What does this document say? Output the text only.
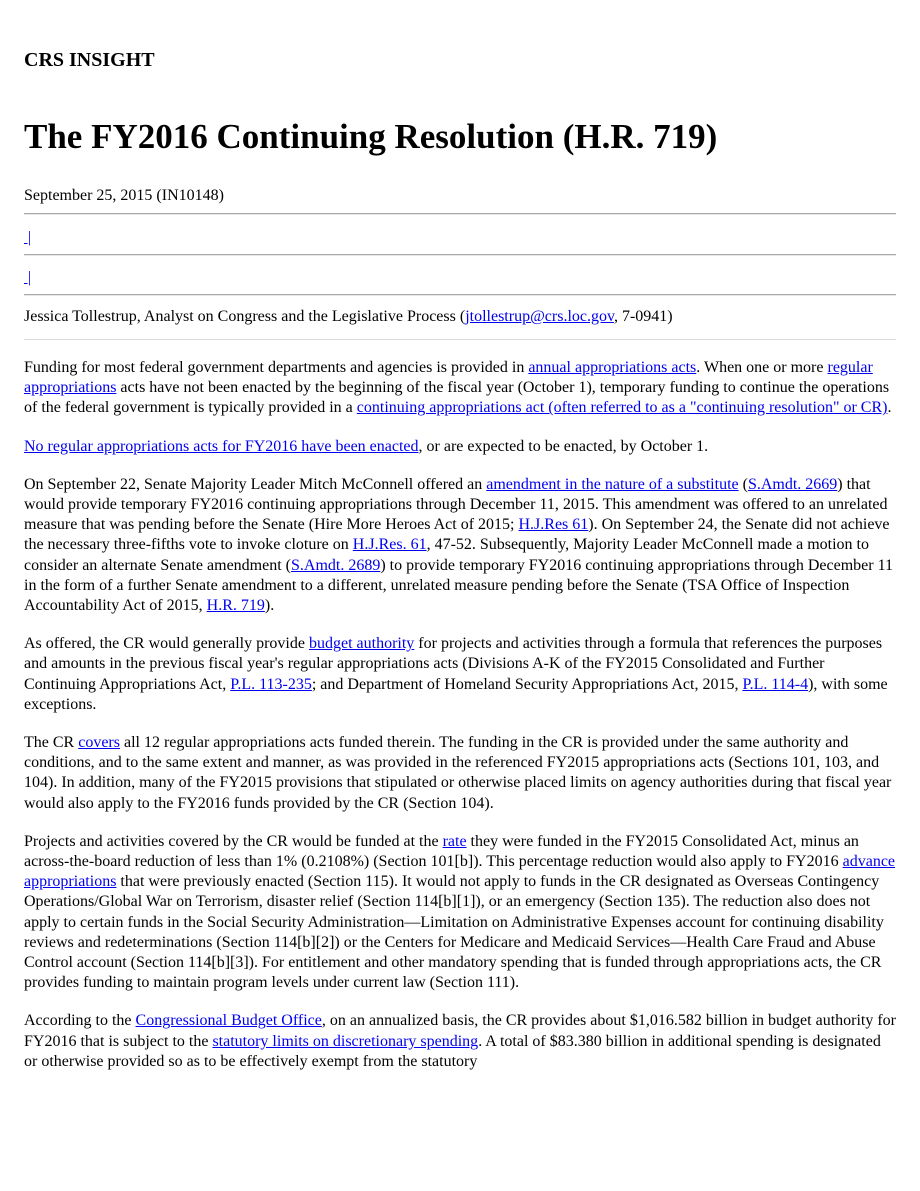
CRS INSIGHT
The FY2016 Continuing Resolution (H.R. 719)
September 25, 2015 (IN10148)
|
|
Jessica Tollestrup, Analyst on Congress and the Legislative Process (jtollestrup@crs.loc.gov, 7-0941)

Funding for most federal government departments and agencies is provided in annual appropriations acts. When one or more regular appropriations acts have not been enacted by the beginning of the fiscal year (October 1), temporary funding to continue the operations of the federal government is typically provided in a continuing appropriations act (often referred to as a "continuing resolution" or CR).

No regular appropriations acts for FY2016 have been enacted, or are expected to be enacted, by October 1.

On September 22, Senate Majority Leader Mitch McConnell offered an amendment in the nature of a substitute (S.Amdt. 2669) that would provide temporary FY2016 continuing appropriations through December 11, 2015. This amendment was offered to an unrelated measure that was pending before the Senate (Hire More Heroes Act of 2015; H.J.Res 61). On September 24, the Senate did not achieve the necessary three-fifths vote to invoke cloture on H.J.Res. 61, 47-52. Subsequently, Majority Leader McConnell made a motion to consider an alternate Senate amendment (S.Amdt. 2689) to provide temporary FY2016 continuing appropriations through December 11 in the form of a further Senate amendment to a different, unrelated measure pending before the Senate (TSA Office of Inspection Accountability Act of 2015, H.R. 719).

As offered, the CR would generally provide budget authority for projects and activities through a formula that references the purposes and amounts in the previous fiscal year's regular appropriations acts (Divisions A-K of the FY2015 Consolidated and Further Continuing Appropriations Act, P.L. 113-235; and Department of Homeland Security Appropriations Act, 2015, P.L. 114-4), with some exceptions.

The CR covers all 12 regular appropriations acts funded therein. The funding in the CR is provided under the same authority and conditions, and to the same extent and manner, as was provided in the referenced FY2015 appropriations acts (Sections 101, 103, and 104). In addition, many of the FY2015 provisions that stipulated or otherwise placed limits on agency authorities during that fiscal year would also apply to the FY2016 funds provided by the CR (Section 104).

Projects and activities covered by the CR would be funded at the rate they were funded in the FY2015 Consolidated Act, minus an across-the-board reduction of less than 1% (0.2108%) (Section 101[b]). This percentage reduction would also apply to FY2016 advance appropriations that were previously enacted (Section 115). It would not apply to funds in the CR designated as Overseas Contingency Operations/Global War on Terrorism, disaster relief (Section 114[b][1]), or an emergency (Section 135). The reduction also does not apply to certain funds in the Social Security Administration—Limitation on Administrative Expenses account for continuing disability reviews and redeterminations (Section 114[b][2]) or the Centers for Medicare and Medicaid Services—Health Care Fraud and Abuse Control account (Section 114[b][3]). For entitlement and other mandatory spending that is funded through appropriations acts, the CR provides funding to maintain program levels under current law (Section 111).

According to the Congressional Budget Office, on an annualized basis, the CR provides about $1,016.582 billion in budget authority for FY2016 that is subject to the statutory limits on discretionary spending. A total of $83.380 billion in additional spending is designated or otherwise provided so as to be effectively exempt from the statutory
